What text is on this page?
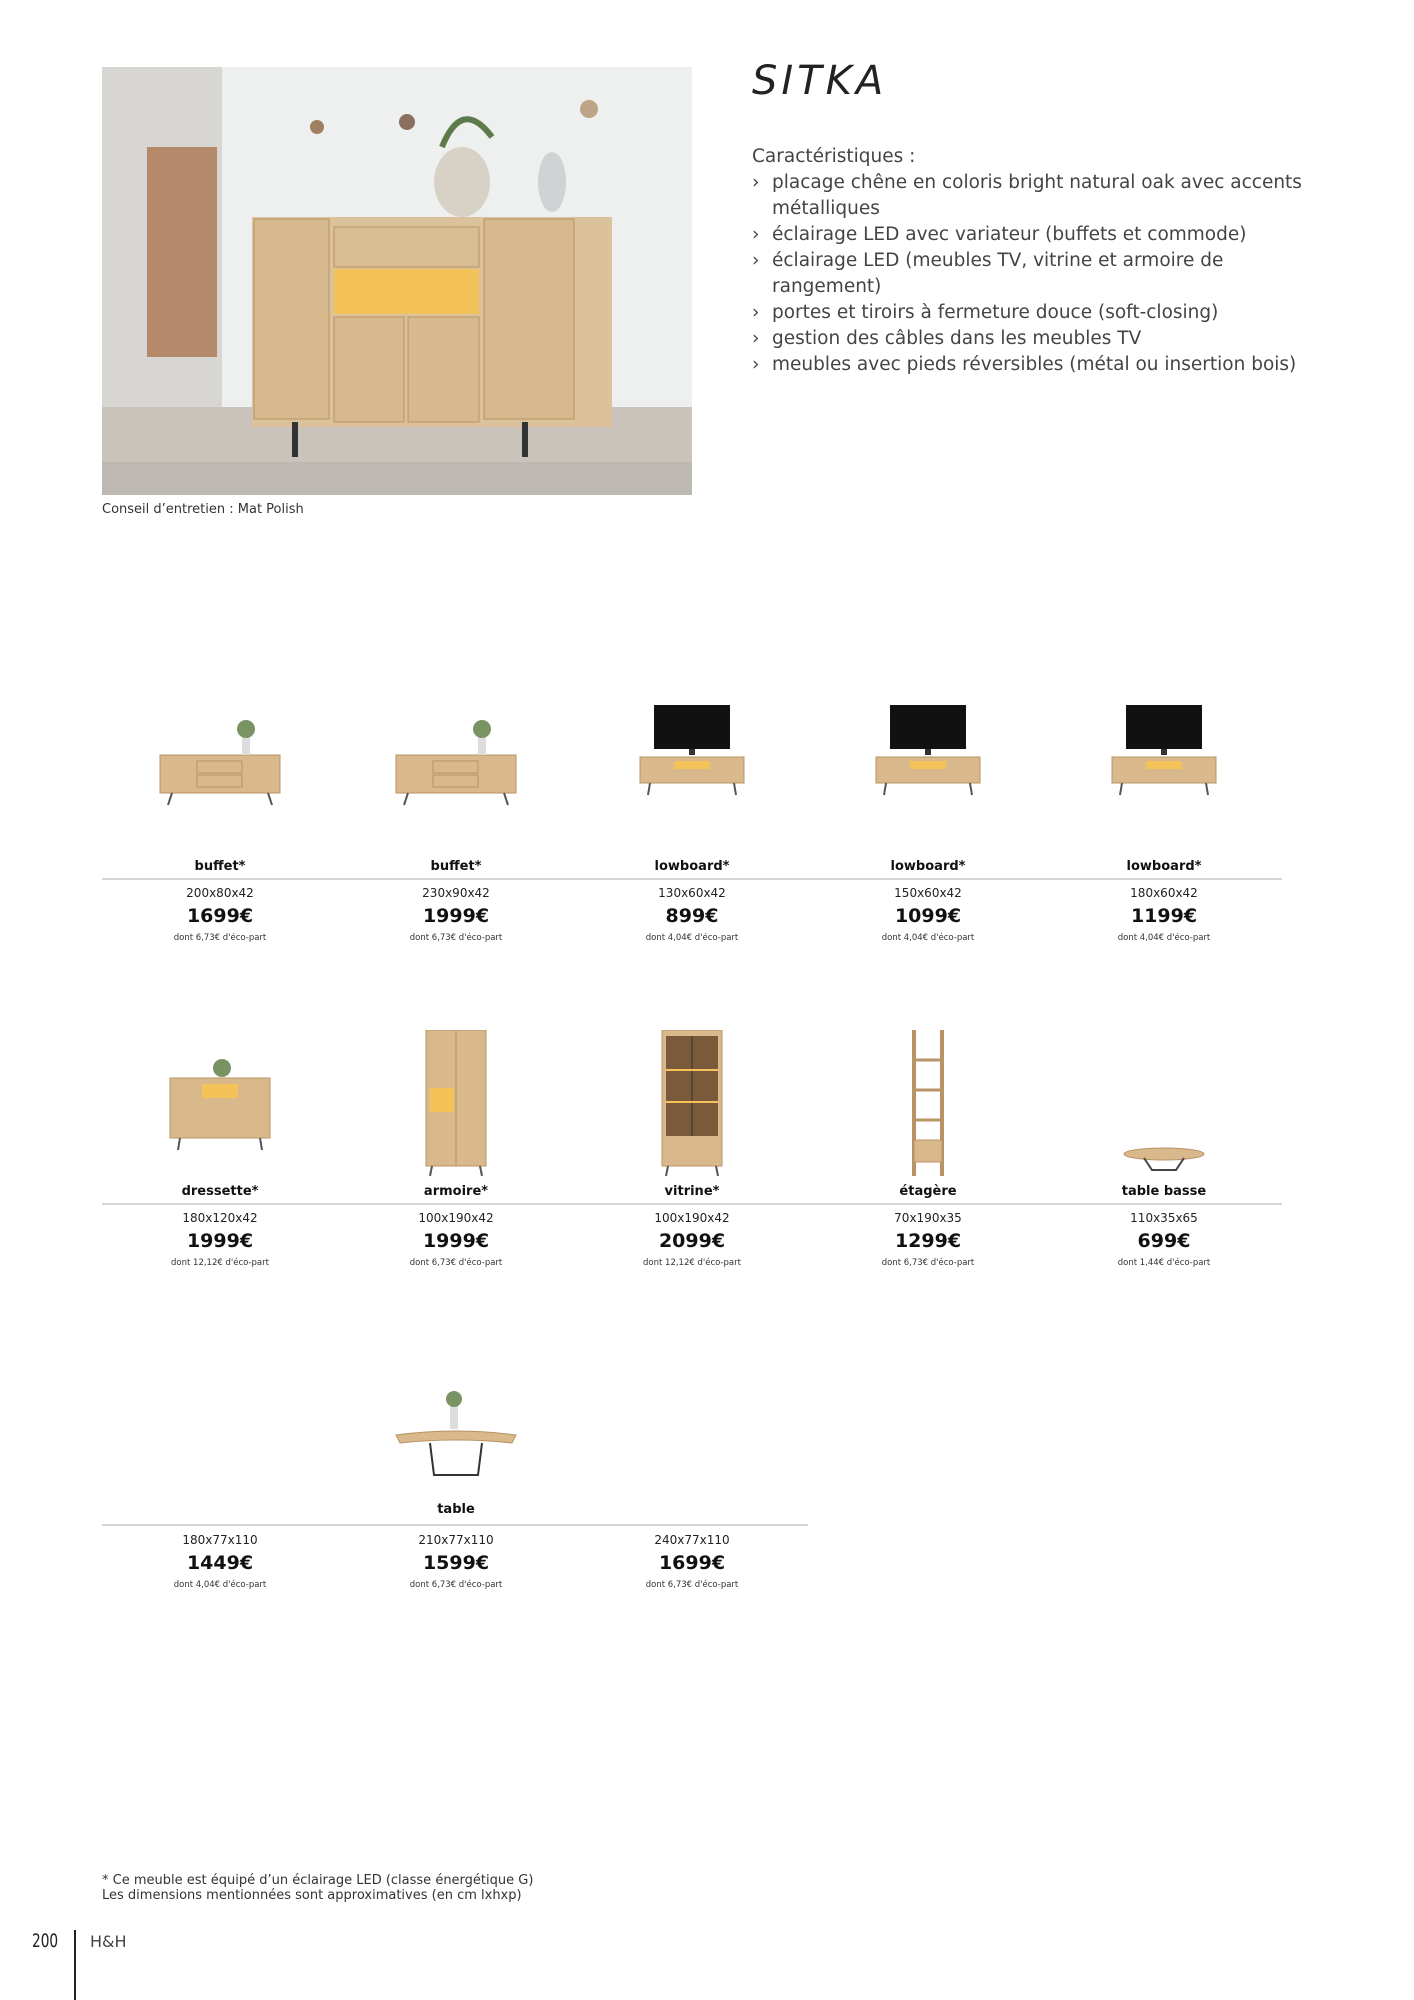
Conseil d’entretien : Mat Polish
SITKA
Caractéristiques :
› placage chêne en coloris bright natural oak avec accents métalliques
› éclairage LED avec variateur (buffets et commode)
› éclairage LED (meubles TV, vitrine et armoire de rangement)
› portes et tiroirs à fermeture douce (soft-closing)
› gestion des câbles dans les meubles TV
› meubles avec pieds réversibles (métal ou insertion bois)
buffet*
200x80x42
1699€
dont 6,73€ d'éco-part
buffet*
230x90x42
1999€
dont 6,73€ d'éco-part
lowboard*
130x60x42
899€
dont 4,04€ d'éco-part
lowboard*
150x60x42
1099€
dont 4,04€ d'éco-part
lowboard*
180x60x42
1199€
dont 4,04€ d'éco-part
dressette*
180x120x42
1999€
dont 12,12€ d'éco-part
armoire*
100x190x42
1999€
dont 6,73€ d'éco-part
vitrine*
100x190x42
2099€
dont 12,12€ d'éco-part
étagère
70x190x35
1299€
dont 6,73€ d'éco-part
table basse
110x35x65
699€
dont 1,44€ d'éco-part
table
180x77x110
1449€
dont 4,04€ d'éco-part
210x77x110
1599€
dont 6,73€ d'éco-part
240x77x110
1699€
dont 6,73€ d'éco-part
* Ce meuble est équipé d’un éclairage LED (classe énergétique G)
Les dimensions mentionnées sont approximatives (en cm lxhxp)
200 H&H
